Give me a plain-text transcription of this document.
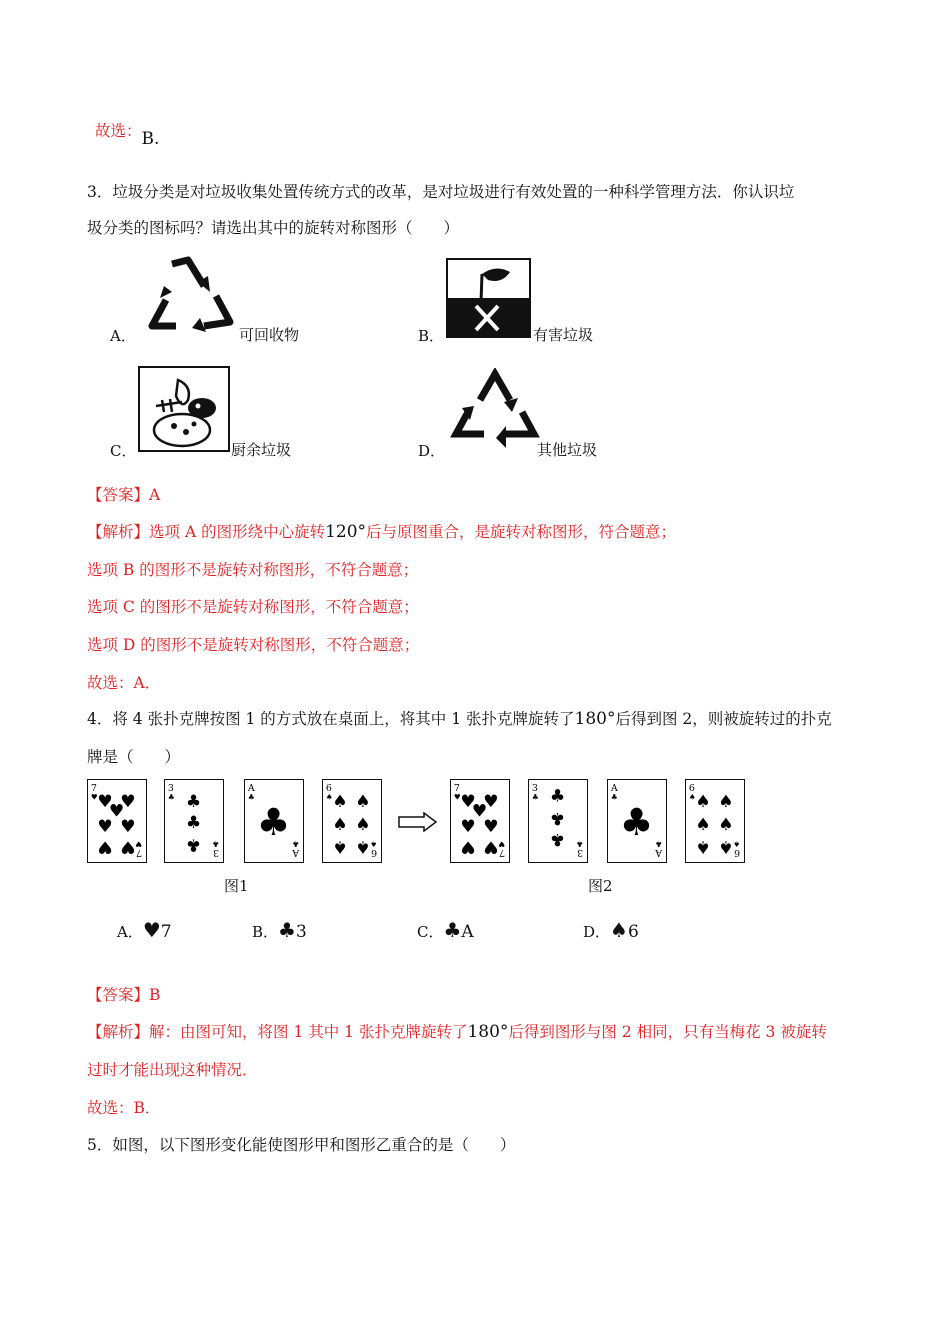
故选：B.
3．垃圾分类是对垃圾收集处置传统方式的改革，是对垃圾进行有效处置的一种科学管理方法．你认识垃
圾分类的图标吗？请选出其中的旋转对称图形（　　）
A．	可回收物	B．	有害垃圾
C．	厨余垃圾	D．	其他垃圾
【答案】A
【解析】选项 A 的图形绕中心旋转120°后与原图重合，是旋转对称图形，符合题意；
选项 B 的图形不是旋转对称图形，不符合题意；
选项 C 的图形不是旋转对称图形，不符合题意；
选项 D 的图形不是旋转对称图形，不符合题意；
故选：A．
4．将 4 张扑克牌按图 1 的方式放在桌面上，将其中 1 张扑克牌旋转了180°后得到图 2，则被旋转过的扑克
牌是（　　）
7
♥
7
♥
♥ ♥
♥
♥ ♥
♥ ♥
3
♣
3
♣
♣
♣
♣
A
♣
A
♣
♣
6
♠
6
♠
♠ ♠
♠ ♠
♠ ♠
7
♥
7
♥
♥ ♥
♥
♥ ♥
♥ ♥	3
♣
3
♣
♣
♣
♣	A
♣
A
♣
♣
6
♠
6
♠
♠ ♠
♠ ♠
♠ ♠
图1	图2
A．♥7	B．♣3	C．♣A	D．♠6
【答案】B
【解析】解：由图可知，将图 1 其中 1 张扑克牌旋转了180°后得到图形与图 2 相同，只有当梅花 3 被旋转
过时才能出现这种情况．
故选：B．
5．如图，以下图形变化能使图形甲和图形乙重合的是（　　）
